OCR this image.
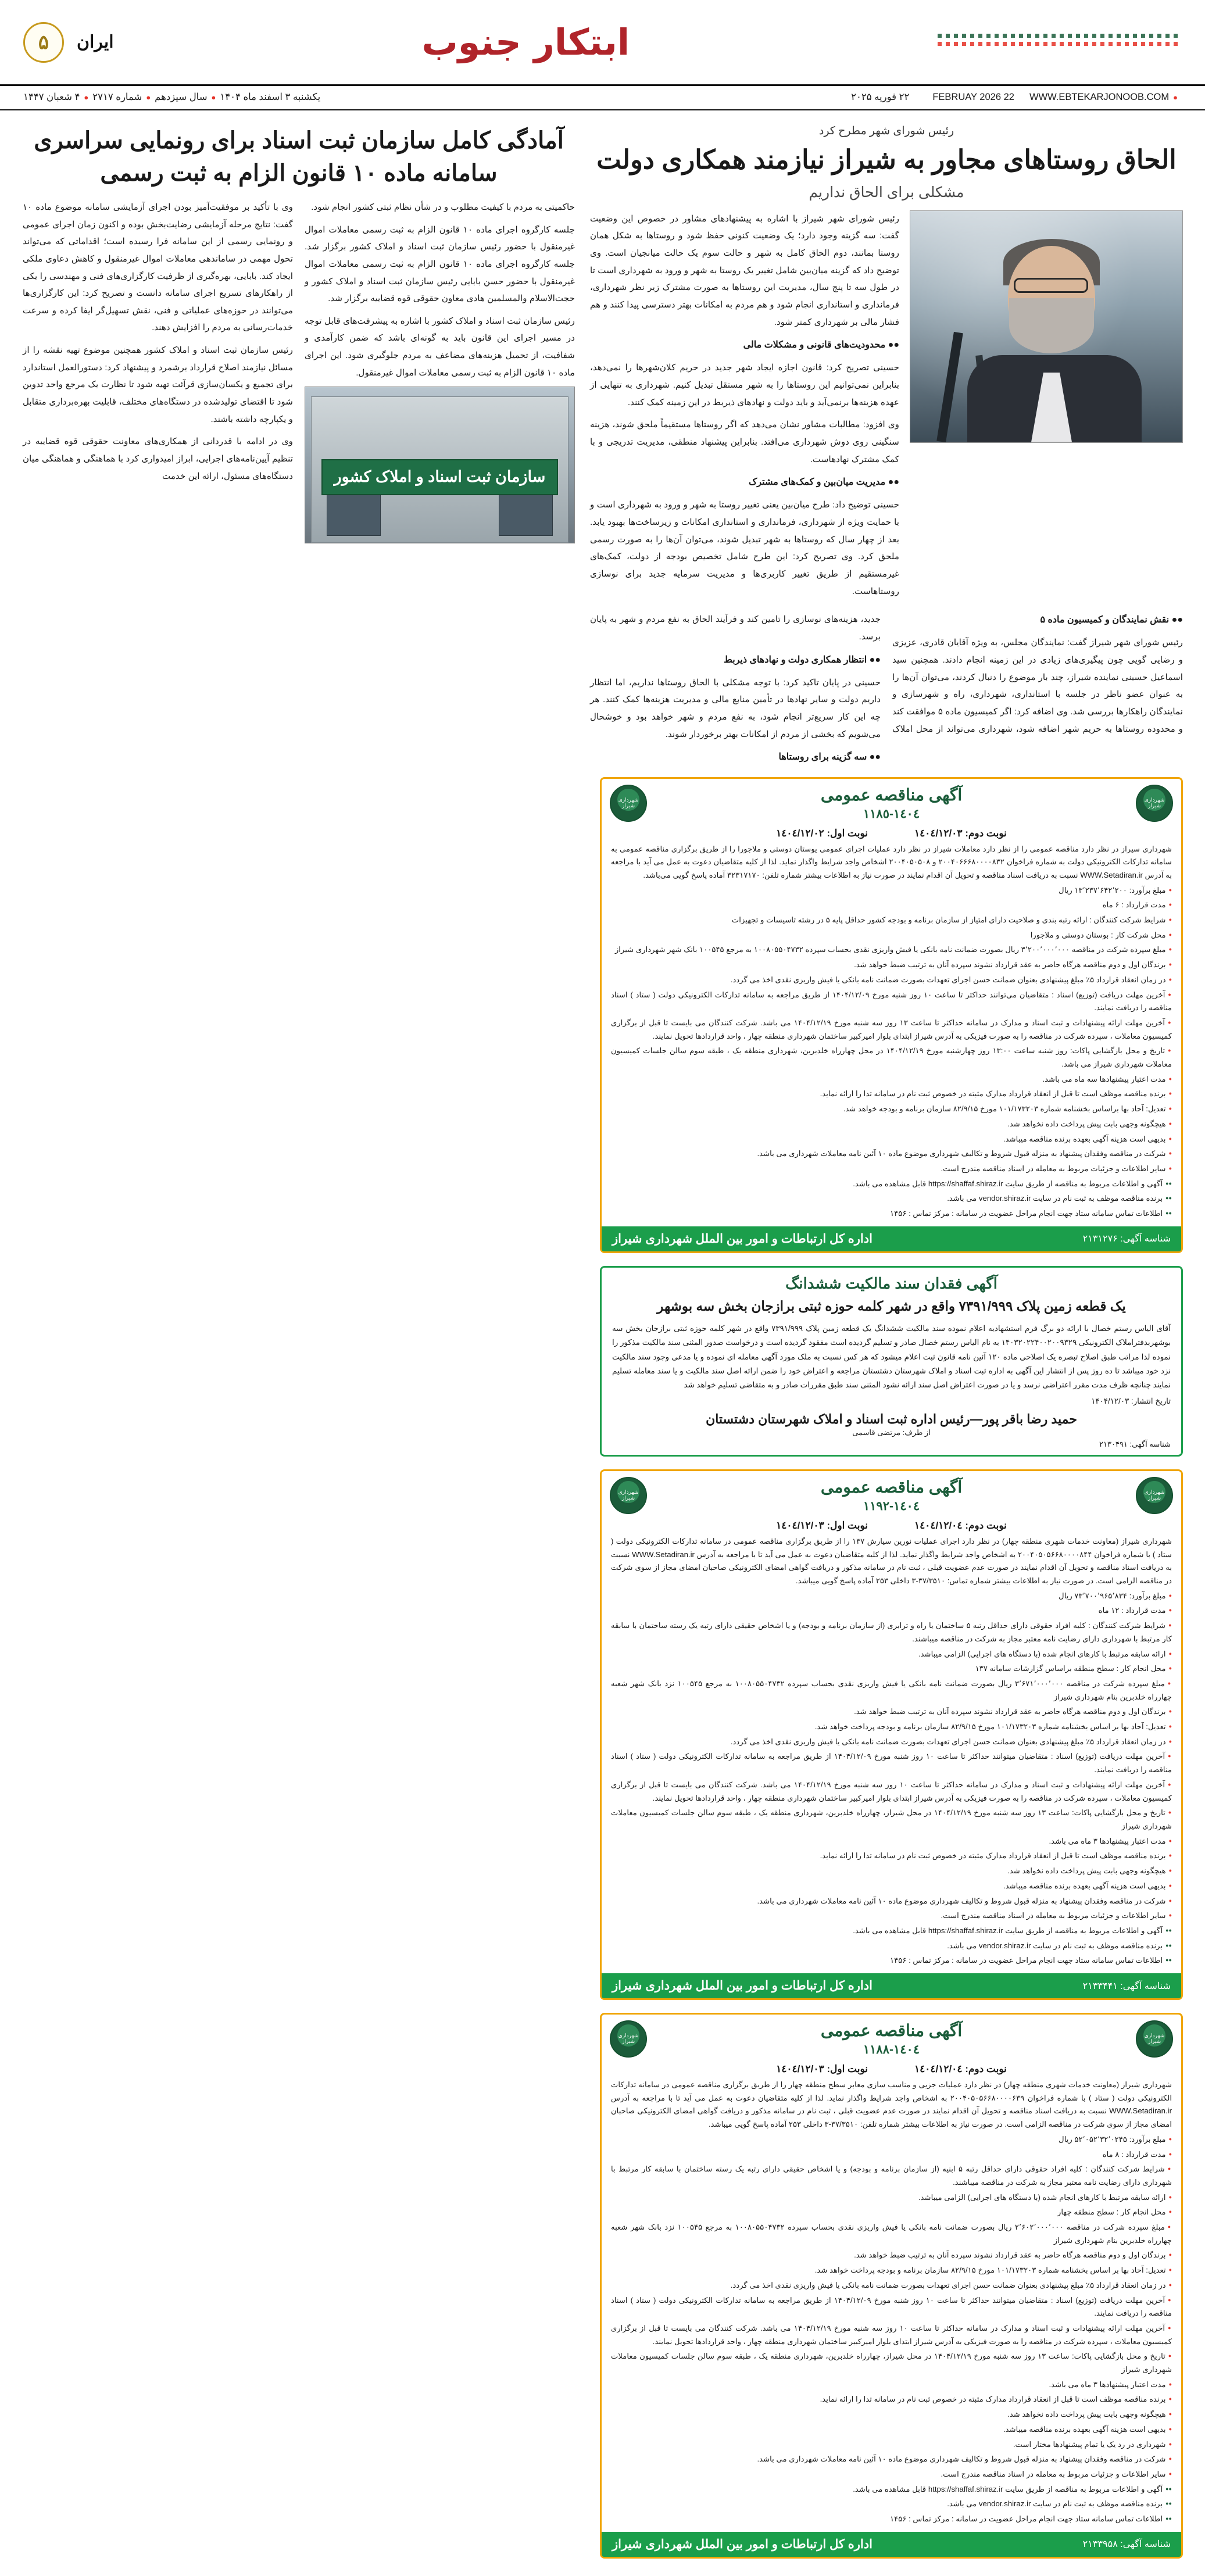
ابتكار جنوب
ایران
۵
●
WWW.EBTEKARJONOOB.COM
22 FEBRUAY 2026
۲۲ فوریه ۲۰۲۵
یکشنبه ۳ اسفند ماه ۱۴۰۴
●
سال سیزدهم
●
شماره ۲۷۱۷
●
۴ شعبان ۱۴۴۷
رئیس شورای شهر مطرح کرد
الحاق روستاهای مجاور به شیراز نیازمند همکاری دولت
مشکلی برای الحاق نداریم

رئیس شورای شهر شیراز با اشاره به پیشنهادهای مشاور در خصوص این وضعیت گفت: سه گزینه وجود دارد؛ یک وضعیت کنونی حفظ شود و روستاها به شکل همان روستا بمانند، دوم الحاق کامل به شهر و حالت سوم یک حالت میانجیان است. وی توضیح داد که گزینه میان‌بین شامل تغییر یک روستا به شهر و ورود به شهرداری است تا در طول سه تا پنج سال، مدیریت این روستاها به صورت مشترک زیر نظر شهرداری، فرمانداری و استانداری انجام شود و هم مردم به امکانات بهتر دسترسی پیدا کنند و هم فشار مالی بر شهرداری کمتر شود.

●● محدودیت‌های قانونی و مشکلات مالی

حسینی تصریح کرد: قانون اجازه ایجاد شهر جدید در حریم کلان‌شهرها را نمی‌دهد، بنابراین نمی‌توانیم این روستاها را به شهر مستقل تبدیل کنیم. شهرداری به تنهایی از عهده هزینه‌ها برنمی‌آید و باید دولت و نهادهای ذیربط در این زمینه کمک کنند.

وی افزود: مطالبات مشاور نشان می‌دهد که اگر روستاها مستقیماً ملحق شوند، هزینه سنگینی روی دوش شهرداری می‌افتد. بنابراین پیشنهاد منطقی، مدیریت تدریجی و با کمک مشترک نهادهاست.

●● مدیریت میان‌بین و کمک‌های مشترک

حسینی توضیح داد: طرح میان‌بین یعنی تغییر روستا به شهر و ورود به شهرداری است و با حمایت ویژه از شهرداری، فرمانداری و استانداری امکانات و زیرساخت‌ها بهبود یابد. بعد از چهار سال که روستاها به شهر تبدیل شوند، می‌توان آن‌ها را به صورت رسمی ملحق کرد. وی تصریح کرد: این طرح شامل تخصیص بودجه از دولت، کمک‌های غیرمستقیم از طریق تغییر کاربری‌ها و مدیریت سرمایه جدید برای نوسازی روستاهاست.

●● نقش نمایندگان و کمیسیون ماده ۵

رئیس شورای شهر شیراز گفت: نمایندگان مجلس، به ویژه آقایان قادری، عزیزی و رضایی گویی چون پیگیری‌های زیادی در این زمینه انجام دادند. همچنین سید اسماعیل حسینی نماینده شیراز، چند بار موضوع را دنبال کردند، می‌توان آن‌ها را به عنوان عضو ناظر در جلسه با استانداری، شهرداری، راه و شهرسازی و نمایندگان راهکارها بررسی شد. وی اضافه کرد: اگر کمیسیون ماده ۵ موافقت کند و محدوده روستاها به حریم شهر اضافه شود، شهرداری می‌تواند از محل املاک جدید، هزینه‌های نوسازی را تامین کند و فرآیند الحاق به نفع مردم و شهر به پایان برسد.

●● انتظار همکاری دولت و نهادهای ذیربط

حسینی در پایان تاکید کرد: با توجه مشکلی با الحاق روستاها نداریم، اما انتظار داریم دولت و سایر نهادها در تأمین منابع مالی و مدیریت هزینه‌ها کمک کنند. هر چه این کار سریع‌تر انجام شود، به نفع مردم و شهر خواهد بود و خوشحال می‌شویم که بخشی از مردم از امکانات بهتر برخوردار شوند.

●● سه گزینه برای روستاها

آمادگی کامل سازمان ثبت اسناد برای رونمایی سراسری سامانه ماده ۱۰ قانون الزام به ثبت رسمی

حاکمیتی به مردم با کیفیت مطلوب و در شأن نظام ثبتی کشور انجام شود.

جلسه کارگروه اجرای ماده ۱۰ قانون الزام به ثبت رسمی معاملات اموال غیرمنقول با حضور رئیس سازمان ثبت اسناد و املاک کشور برگزار شد. جلسه کارگروه اجرای ماده ۱۰ قانون الزام به ثبت رسمی معاملات اموال غیرمنقول با حضور حسن بابایی رئیس سازمان ثبت اسناد و املاک کشور و حجت‌الاسلام والمسلمین هادی معاون حقوقی قوه قضاییه برگزار شد.

رئیس سازمان ثبت اسناد و املاک کشور با اشاره به پیشرفت‌های قابل توجه در مسیر اجرای این قانون باید به گونه‌ای باشد که ضمن کارآمدی و شفافیت، از تحمیل هزینه‌های مضاعف به مردم جلوگیری شود. این اجرای ماده ۱۰ قانون الزام به ثبت رسمی معاملات اموال غیرمنقول.

سازمان ثبت اسناد و املاک کشور

وی با تأکید بر موفقیت‌آمیز بودن اجرای آزمایشی سامانه موضوع ماده ۱۰ گفت: نتایج مرحله آزمایشی رضایت‌بخش بوده و اکنون زمان اجرای عمومی و رونمایی رسمی از این سامانه فرا رسیده است؛ اقداماتی که می‌تواند تحول مهمی در ساماندهی معاملات اموال غیرمنقول و کاهش دعاوی ملکی ایجاد کند. بابایی، بهره‌گیری از ظرفیت کارگزاری‌های فنی و مهندسی را یکی از راهکارهای تسریع اجرای سامانه دانست و تصریح کرد: این کارگزاری‌ها می‌توانند در حوزه‌های عملیاتی و فنی، نقش تسهیل‌گر ایفا کرده و سرعت خدمات‌رسانی به مردم را افزایش دهند.

رئیس سازمان ثبت اسناد و املاک کشور همچنین موضوع تهیه نقشه را از مسائل نیازمند اصلاح قرارداد برشمرد و پیشنهاد کرد: دستورالعمل استاندارد برای تجمیع و یکسان‌سازی قرآئت تهیه شود تا نظارت یک مرجع واحد تدوین شود تا اقتضای تولیدشده در دستگاه‌های مختلف، قابلیت بهره‌برداری متقابل و یکپارچه داشته باشند.

وی در ادامه با قدردانی از همکاری‌های معاونت حقوقی قوه قضاییه در تنظیم آیین‌نامه‌های اجرایی، ابراز امیدواری کرد با هماهنگی و هماهنگی میان دستگاه‌های مسئول، ارائه این خدمت

شهرداری
شیراز
آگهی مناقصه عمومی
١٤٠٤-١١٨٥
شهرداری
شیراز
نوبت دوم: ١٤٠٤/١٢/٠٣
نوبت اول: ١٤٠٤/١٢/٠٢

شهرداری سیراز در نظر دارد مناقصه عمومی را از نظر دارد معاملات شیراز در نظر دارد عملیات اجرای عمومی یوستان دوستی و ملاجورا را از طریق برگزاری مناقصه عمومی به سامانه تدارکات الکترونیکی دولت به شماره فراخوان ۲۰۰۴۰۶۶۶۸۰۰۰۰۸۳۲ و ۲۰۰۴۰۵۰۵۰۸ اشخاص واجد شرایط واگذار نماید. لذا از کلیه متقاضیان دعوت به عمل می آید با مراجعه به آدرس WWW.Setadiran.ir نسبت به دریافت اسناد مناقصه و تحویل آن اقدام نمایند در صورت نیاز به اطلاعات بیشتر شماره تلفن: ۳۲۳۱۷۱۷۰ آماده پاسخ گویی می‌باشد.

● مبلغ برآورد: ۱۳٬۲۳۷٬۶۴۲٬۲۰۰ ریال

● مدت قرارداد : ۶ ماه

● شرایط شرکت کنندگان : ارائه رتبه بندی و صلاحیت دارای امتیاز از سازمان برنامه و بودجه کشور حداقل پایه ۵ در رشته تاسیسات و تجهیزات

● محل شرکت کار : بوستان دوستی و ملاجورا

● مبلغ سپرده شرکت در مناقصه ۳٬۲۰۰٬۰۰۰٬۰۰۰ ریال بصورت ضمانت نامه بانکی یا فیش واریزی نقدی بحساب سپرده ۱۰۰۸۰۵۵۰۴۷۳۲ به مرجع ۱۰۰۵۴۵ بانک شهر شهرداری شیراز

● برندگان اول و دوم مناقصه هرگاه حاضر به عقد قرارداد نشوند سپرده آنان به ترتیب ضبط خواهد شد.

● در زمان انعقاد قرارداد ۵٪ مبلغ پیشنهادی بعنوان ضمانت حسن اجرای تعهدات بصورت ضمانت نامه بانکی یا فیش واریزی نقدی اخذ می گردد.

● آخرین مهلت دریافت (توزیع) اسناد : متقاضیان می‌توانند حداکثر تا ساعت ۱۰ روز شنبه مورخ ۱۴۰۴/۱۲/۰۹ از طریق مراجعه به سامانه تدارکات الکترونیکی دولت ( ستاد ) اسناد مناقصه را دریافت نمایند.

● آخرین مهلت ارائه پیشنهادات و ثبت اسناد و مدارک در سامانه حداکثر تا ساعت ۱۳ روز سه شنبه مورخ ۱۴۰۴/۱۲/۱۹ می باشد. شرکت کنندگان می بایست تا قبل از برگزاری کمیسیون معاملات ، سپرده شرکت در مناقصه را به صورت فیزیکی به آدرس شیراز ابتدای بلوار امیرکبیر ساختمان شهرداری منطقه چهار ، واحد قراردادها تحویل نمایند.

● تاریخ و محل بازگشایی پاکات: روز شنبه ساعت ۱۳:۰۰ روز چهارشنبه مورخ ۱۴۰۴/۱۲/۱۹ در محل چهارراه خلدبرین، شهرداری منطقه یک ، طبقه سوم سالن جلسات کمیسیون معاملات شهرداری شیراز می باشد.

● مدت اعتبار پیشنهادها سه ماه می باشد.

● برنده مناقصه موظف است تا قبل از انعقاد قرارداد مدارک مثبته در خصوص ثبت نام در سامانه تدا را ارائه نماید.

● تعدیل: آحاد بها براساس بخشنامه شماره ۱۰۱/۱۷۳۲۰۳ مورخ ۸۲/۹/۱۵ سازمان برنامه و بودجه خواهد شد.

● هیچگونه وجهی بابت پیش پرداخت داده نخواهد شد.

● بدیهی است هزینه آگهی بعهده برنده مناقصه میباشد.

● شرکت در مناقصه وفقدان پیشنهاد به منزله قبول شروط و تکالیف شهرداری موضوع ماده ۱۰ آئین نامه معاملات شهرداری می باشد.

● سایر اطلاعات و جزئیات مربوط به معامله در اسناد مناقصه مندرج است.

●● آگهی و اطلاعات مربوط به مناقصه از طریق سایت https://shaffaf.shiraz.ir قابل مشاهده می باشد.

●● برنده مناقصه موظف به ثبت نام در سایت vendor.shiraz.ir می باشد.

●● اطلاعات تماس سامانه ستاد جهت انجام مراحل عضویت در سامانه : مرکز تماس : ۱۴۵۶

شناسه آگهی: ۲۱۳۱۲۷۶
اداره کل ارتباطات و امور بین الملل شهرداری شیراز
آگهی فقدان سند مالکیت ششدانگ
یک قطعه زمین پلاک ۷۳۹۱/۹۹۹ واقع در شهر کلمه حوزه ثبتی برازجان بخش سه بوشهر
آقای الیاس رستم خصال با ارائه دو برگ فرم استشهادیه اعلام نموده سند مالکیت ششدانگ یک قطعه زمین پلاک ۷۳۹۱/۹۹۹ واقع در شهر کلمه حوزه ثبتی برازجان بخش سه بوشهربدفتراملاک الکترونیکی ۱۴۰۳۲۰۲۲۴۰۰۲۰۰۹۳۲۹ به نام الیاس رستم خصال صادر و تسلیم گردیده است مفقود گردیده است و درخواست صدور المثنی سند مالکیت مذکور را نموده لذا مراتب طبق اصلاح تبصره یک اصلاحی ماده ۱۲۰ آئین نامه قانون ثبت اعلام میشود که هر کس نسبت به ملک مورد آگهی معامله ای نموده و یا مدعی وجود سند مالکیت نزد خود میباشد تا ده روز پس از انتشار این آگهی به اداره ثبت اسناد و املاک شهرستان دشتستان مراجعه و اعتراض خود را ضمن ارائه اصل سند مالکیت و یا سند معامله تسلیم نمایند چنانچه ظرف مدت مقرر اعتراضی نرسد و یا در صورت اعتراض اصل سند ارائه نشود المثنی سند طبق مقررات صادر و به متقاضی تسلیم خواهد شد
تاریخ انتشار: ۱۴۰۴/۱۲/۰۳
حمید رضا باقر پور—رئیس اداره ثبت اسناد و املاک شهرستان دشتستان
از طرف: مرتضی قاسمی
شناسه آگهی: ۲۱۳۰۴۹۱
شهرداری
شیراز
آگهی مناقصه عمومی
١٤٠٤-١١٩٢
شهرداری
شیراز
نوبت دوم: ١٤٠٤/١٢/٠٤
نوبت اول: ١٤٠٤/١٢/٠٣

شهرداری شیراز (معاونت خدمات شهری منطقه چهار) در نظر دارد اجرای عملیات نورین سیارش ۱۳۷ را از طریق برگزاری مناقصه عمومی در سامانه تدارکات الکترونیکی دولت ( ستاد ) با شماره فراخوان ۲۰۰۴۰۵۰۵۶۶۸۰۰۰۰۸۴۴ به اشخاص واجد شرایط واگذار نماید. لذا از کلیه متقاضیان دعوت به عمل می آید تا با مراجعه به آدرس WWW.Setadiran.ir نسبت به دریافت اسناد مناقصه و تحویل آن اقدام نمایند در صورت عدم عضویت قبلی ، ثبت نام در سامانه مذکور و دریافت گواهی امضای الکترونیکی صاحبان امضای مجاز از سوی شرکت در مناقصه الزامی است. در صورت نیاز به اطلاعات بیشتر شماره تماس: ۳۷/۳۵۱۰-۳ داخلی ۲۵۳ آماده پاسخ گویی میباشد.

● مبلغ برآورد: ۷۳٬۷۰۰٬۹۶۵٬۸۳۴ ریال

● مدت قرارداد : ۱۲ ماه

● شرایط شرکت کنندگان : کلیه افراد حقوقی دارای حداقل رتبه ۵ ساختمان یا راه و ترابری (از سازمان برنامه و بودجه) و یا اشخاص حقیقی دارای رتبه یک رسته ساختمان با سابقه کار مرتبط با شهرداری دارای رضایت نامه معتبر مجاز به شرکت در مناقصه میباشند.

● ارائه سابقه مرتبط با کارهای انجام شده (با دستگاه های اجرایی) الزامی میباشد.

● محل انجام کار : سطح منطقه براساس گزارشات سامانه ۱۳۷

● مبلغ سپرده شرکت در مناقصه ۳٬۶۷۱٬۰۰۰٬۰۰۰ ریال بصورت ضمانت نامه بانکی یا فیش واریزی نقدی بحساب سپرده ۱۰۰۸۰۵۵۰۴۷۳۲ به مرجع ۱۰۰۵۴۵ نزد بانک شهر شعبه چهارراه خلدبرین بنام شهرداری شیراز

● برندگان اول و دوم مناقصه هرگاه حاضر به عقد قرارداد نشوند سپرده آنان به ترتیب ضبط خواهد شد.

● تعدیل: آحاد بها بر اساس بخشنامه شماره ۱۰۱/۱۷۳۲۰۳ مورخ ۸۲/۹/۱۵ سازمان برنامه و بودجه پرداخت خواهد شد.

● در زمان انعقاد قرارداد ۵٪ مبلغ پیشنهادی بعنوان ضمانت حسن اجرای تعهدات بصورت ضمانت نامه بانکی یا فیش واریزی نقدی اخذ می گردد.

● آخرین مهلت دریافت (توزیع) اسناد : متقاضیان میتوانند حداکثر تا ساعت ۱۰ روز شنبه مورخ ۱۴۰۴/۱۲/۰۹ از طریق مراجعه به سامانه تدارکات الکترونیکی دولت ( ستاد ) اسناد مناقصه را دریافت نمایند.

● آخرین مهلت ارائه پیشنهادات و ثبت اسناد و مدارک در سامانه حداکثر تا ساعت ۱۰ روز سه شنبه مورخ ۱۴۰۴/۱۲/۱۹ می باشد. شرکت کنندگان می بایست تا قبل از برگزاری کمیسیون معاملات ، سپرده شرکت در مناقصه را به صورت فیزیکی به آدرس شیراز ابتدای بلوار امیرکبیر ساختمان شهرداری منطقه چهار ، واحد قراردادها تحویل نمایند.

● تاریخ و محل بازگشایی پاکات: ساعت ۱۳ روز سه شنبه مورخ ۱۴۰۴/۱۲/۱۹ در محل شیراز، چهارراه خلدبرین، شهرداری منطقه یک ، طبقه سوم سالن جلسات کمیسیون معاملات شهرداری شیراز

● مدت اعتبار پیشنهادها ۳ ماه می باشد.

● برنده مناقصه موظف است تا قبل از انعقاد قرارداد مدارک مثبته در خصوص ثبت نام در سامانه تدا را ارائه نماید.

● هیچگونه وجهی بابت پیش پرداخت داده نخواهد شد.

● بدیهی است هزینه آگهی بعهده برنده مناقصه میباشد.

● شرکت در مناقصه وفقدان پیشنهاد به منزله قبول شروط و تکالیف شهرداری موضوع ماده ۱۰ آئین نامه معاملات شهرداری می باشد.

● سایر اطلاعات و جزئیات مربوط به معامله در اسناد مناقصه مندرج است.

●● آگهی و اطلاعات مربوط به مناقصه از طریق سایت https://shaffaf.shiraz.ir قابل مشاهده می باشد.

●● برنده مناقصه موظف به ثبت نام در سایت vendor.shiraz.ir می باشد.

●● اطلاعات تماس سامانه ستاد جهت انجام مراحل عضویت در سامانه : مرکز تماس : ۱۴۵۶

شناسه آگهی: ۲۱۳۳۴۴۱
اداره کل ارتباطات و امور بین الملل شهرداری شیراز
شهرداری
شیراز
آگهی مناقصه عمومی
١٤٠٤-١١٨٨
شهرداری
شیراز
نوبت دوم: ١٤٠٤/١٢/٠٤
نوبت اول: ١٤٠٤/١٢/٠٣

شهرداری شیراز (معاونت خدمات شهری منطقه چهار) در نظر دارد عملیات جزیی و مناسب سازی معابر سطح منطقه چهار را از طریق برگزاری مناقصه عمومی در سامانه تدارکات الکترونیکی دولت ( ستاد ) با شماره فراخوان ۲۰۰۴۰۵۰۵۶۶۸۰۰۰۰۶۳۹ به اشخاص واجد شرایط واگذار نماید. لذا از کلیه متقاضیان دعوت به عمل می آید تا با مراجعه به آدرس WWW.Setadiran.ir نسبت به دریافت اسناد مناقصه و تحویل آن اقدام نمایند در صورت عدم عضویت قبلی ، ثبت نام در سامانه مذکور و دریافت گواهی امضای الکترونیکی صاحبان امضای مجاز از سوی شرکت در مناقصه الزامی است. در صورت نیاز به اطلاعات بیشتر شماره تلفن: ۳۷/۳۵۱۰-۳ داخلی ۲۵۳ آماده پاسخ گویی میباشد.

● مبلغ برآورد: ۵۲٬۰۵۲٬۳۲٬۰۲۴۵ ریال

● مدت قرارداد : ۸ ماه

● شرایط شرکت کنندگان : کلیه افراد حقوقی دارای حداقل رتبه ۵ ابنیه (از سازمان برنامه و بودجه) و یا اشخاص حقیقی دارای رتبه یک رسته ساختمان با سابقه کار مرتبط با شهرداری دارای رضایت نامه معتبر مجاز به شرکت در مناقصه میباشند.

● ارائه سابقه مرتبط با کارهای انجام شده (با دستگاه های اجرایی) الزامی میباشد.

● محل انجام کار : سطح منطقه چهار

● مبلغ سپرده شرکت در مناقصه ۲٬۶۰۲٬۰۰۰٬۰۰۰ ریال بصورت ضمانت نامه بانکی یا فیش واریزی نقدی بحساب سپرده ۱۰۰۸۰۵۵۰۴۷۳۲ به مرجع ۱۰۰۵۴۵ نزد بانک شهر شعبه چهارراه خلدبرین بنام شهرداری شیراز

● برندگان اول و دوم مناقصه هرگاه حاضر به عقد قرارداد نشوند سپرده آنان به ترتیب ضبط خواهد شد.

● تعدیل: آحاد بها بر اساس بخشنامه شماره ۱۰۱/۱۷۳۲۰۳ مورخ ۸۲/۹/۱۵ سازمان برنامه و بودجه پرداخت خواهد شد.

● در زمان انعقاد قرارداد ۵٪ مبلغ پیشنهادی بعنوان ضمانت حسن اجرای تعهدات بصورت ضمانت نامه بانکی یا فیش واریزی نقدی اخذ می گردد.

● آخرین مهلت دریافت (توزیع) اسناد : متقاضیان میتوانند حداکثر تا ساعت ۱۰ روز شنبه مورخ ۱۴۰۴/۱۲/۰۹ از طریق مراجعه به سامانه تدارکات الکترونیکی دولت ( ستاد ) اسناد مناقصه را دریافت نمایند.

● آخرین مهلت ارائه پیشنهادات و ثبت اسناد و مدارک در سامانه حداکثر تا ساعت ۱۰ روز سه شنبه مورخ ۱۴۰۴/۱۲/۱۹ می باشد. شرکت کنندگان می بایست تا قبل از برگزاری کمیسیون معاملات ، سپرده شرکت در مناقصه را به صورت فیزیکی به آدرس شیراز ابتدای بلوار امیرکبیر ساختمان شهرداری منطقه چهار ، واحد قراردادها تحویل نمایند.

● تاریخ و محل بازگشایی پاکات: ساعت ۱۳ روز سه شنبه مورخ ۱۴۰۴/۱۲/۱۹ در محل شیراز، چهارراه خلدبرین، شهرداری منطقه یک ، طبقه سوم سالن جلسات کمیسیون معاملات شهرداری شیراز

● مدت اعتبار پیشنهادها ۳ ماه می باشد.

● برنده مناقصه موظف است تا قبل از انعقاد قرارداد مدارک مثبته در خصوص ثبت نام در سامانه تدا را ارائه نماید.

● هیچگونه وجهی بابت پیش پرداخت داده نخواهد شد.

● بدیهی است هزینه آگهی بعهده برنده مناقصه میباشد.

● شهرداری در رد یک یا تمام پیشنهادها مختار است.

● شرکت در مناقصه وفقدان پیشنهاد به منزله قبول شروط و تکالیف شهرداری موضوع ماده ۱۰ آئین نامه معاملات شهرداری می باشد.

● سایر اطلاعات و جزئیات مربوط به معامله در اسناد مناقصه مندرج است.

●● آگهی و اطلاعات مربوط به مناقصه از طریق سایت https://shaffaf.shiraz.ir قابل مشاهده می باشد.

●● برنده مناقصه موظف به ثبت نام در سایت vendor.shiraz.ir می باشد.

●● اطلاعات تماس سامانه ستاد جهت انجام مراحل عضویت در سامانه : مرکز تماس : ۱۴۵۶

شناسه آگهی: ۲۱۳۳۹۵۸
اداره کل ارتباطات و امور بین الملل شهرداری شیراز
